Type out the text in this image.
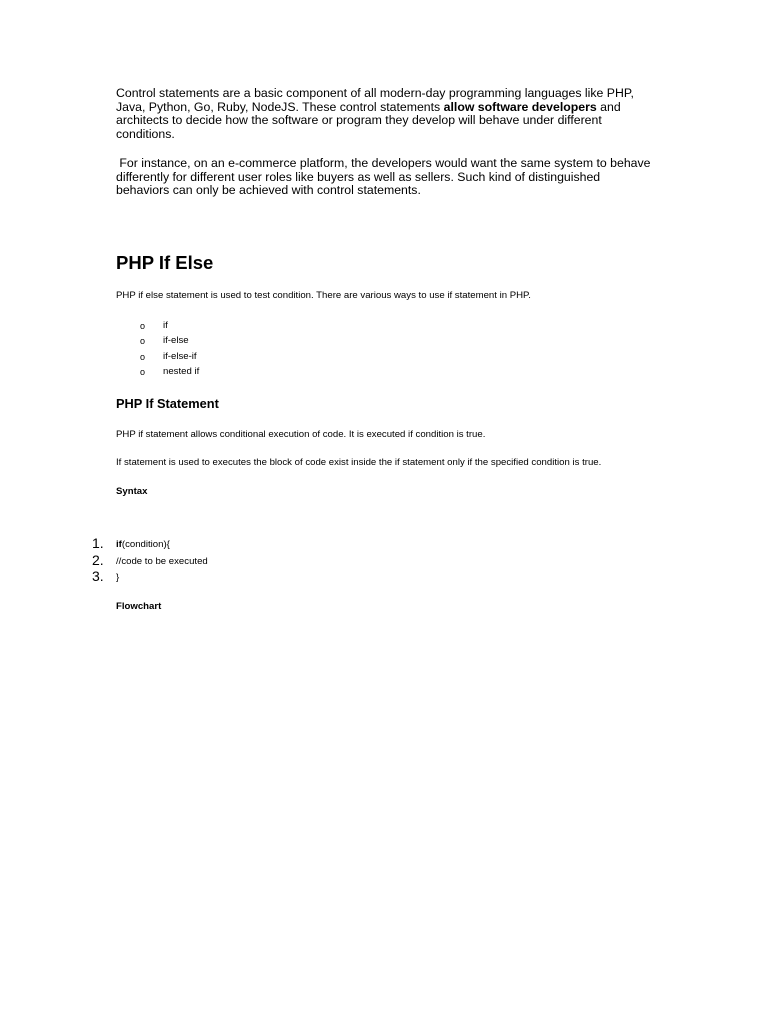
Control statements are a basic component of all modern-day programming languages like PHP, Java, Python, Go, Ruby, NodeJS. These control statements allow software developers and architects to decide how the software or program they develop will behave under different conditions.

For instance, on an e-commerce platform, the developers would want the same system to behave differently for different user roles like buyers as well as sellers. Such kind of distinguished behaviors can only be achieved with control statements.

PHP If Else

PHP if else statement is used to test condition. There are various ways to use if statement in PHP.

o if
o if-else
o if-else-if
o nested if
PHP If Statement

PHP if statement allows conditional execution of code. It is executed if condition is true.

If statement is used to executes the block of code exist inside the if statement only if the specified condition is true.

Syntax

1. if(condition){
2. //code to be executed
3. }

Flowchart
